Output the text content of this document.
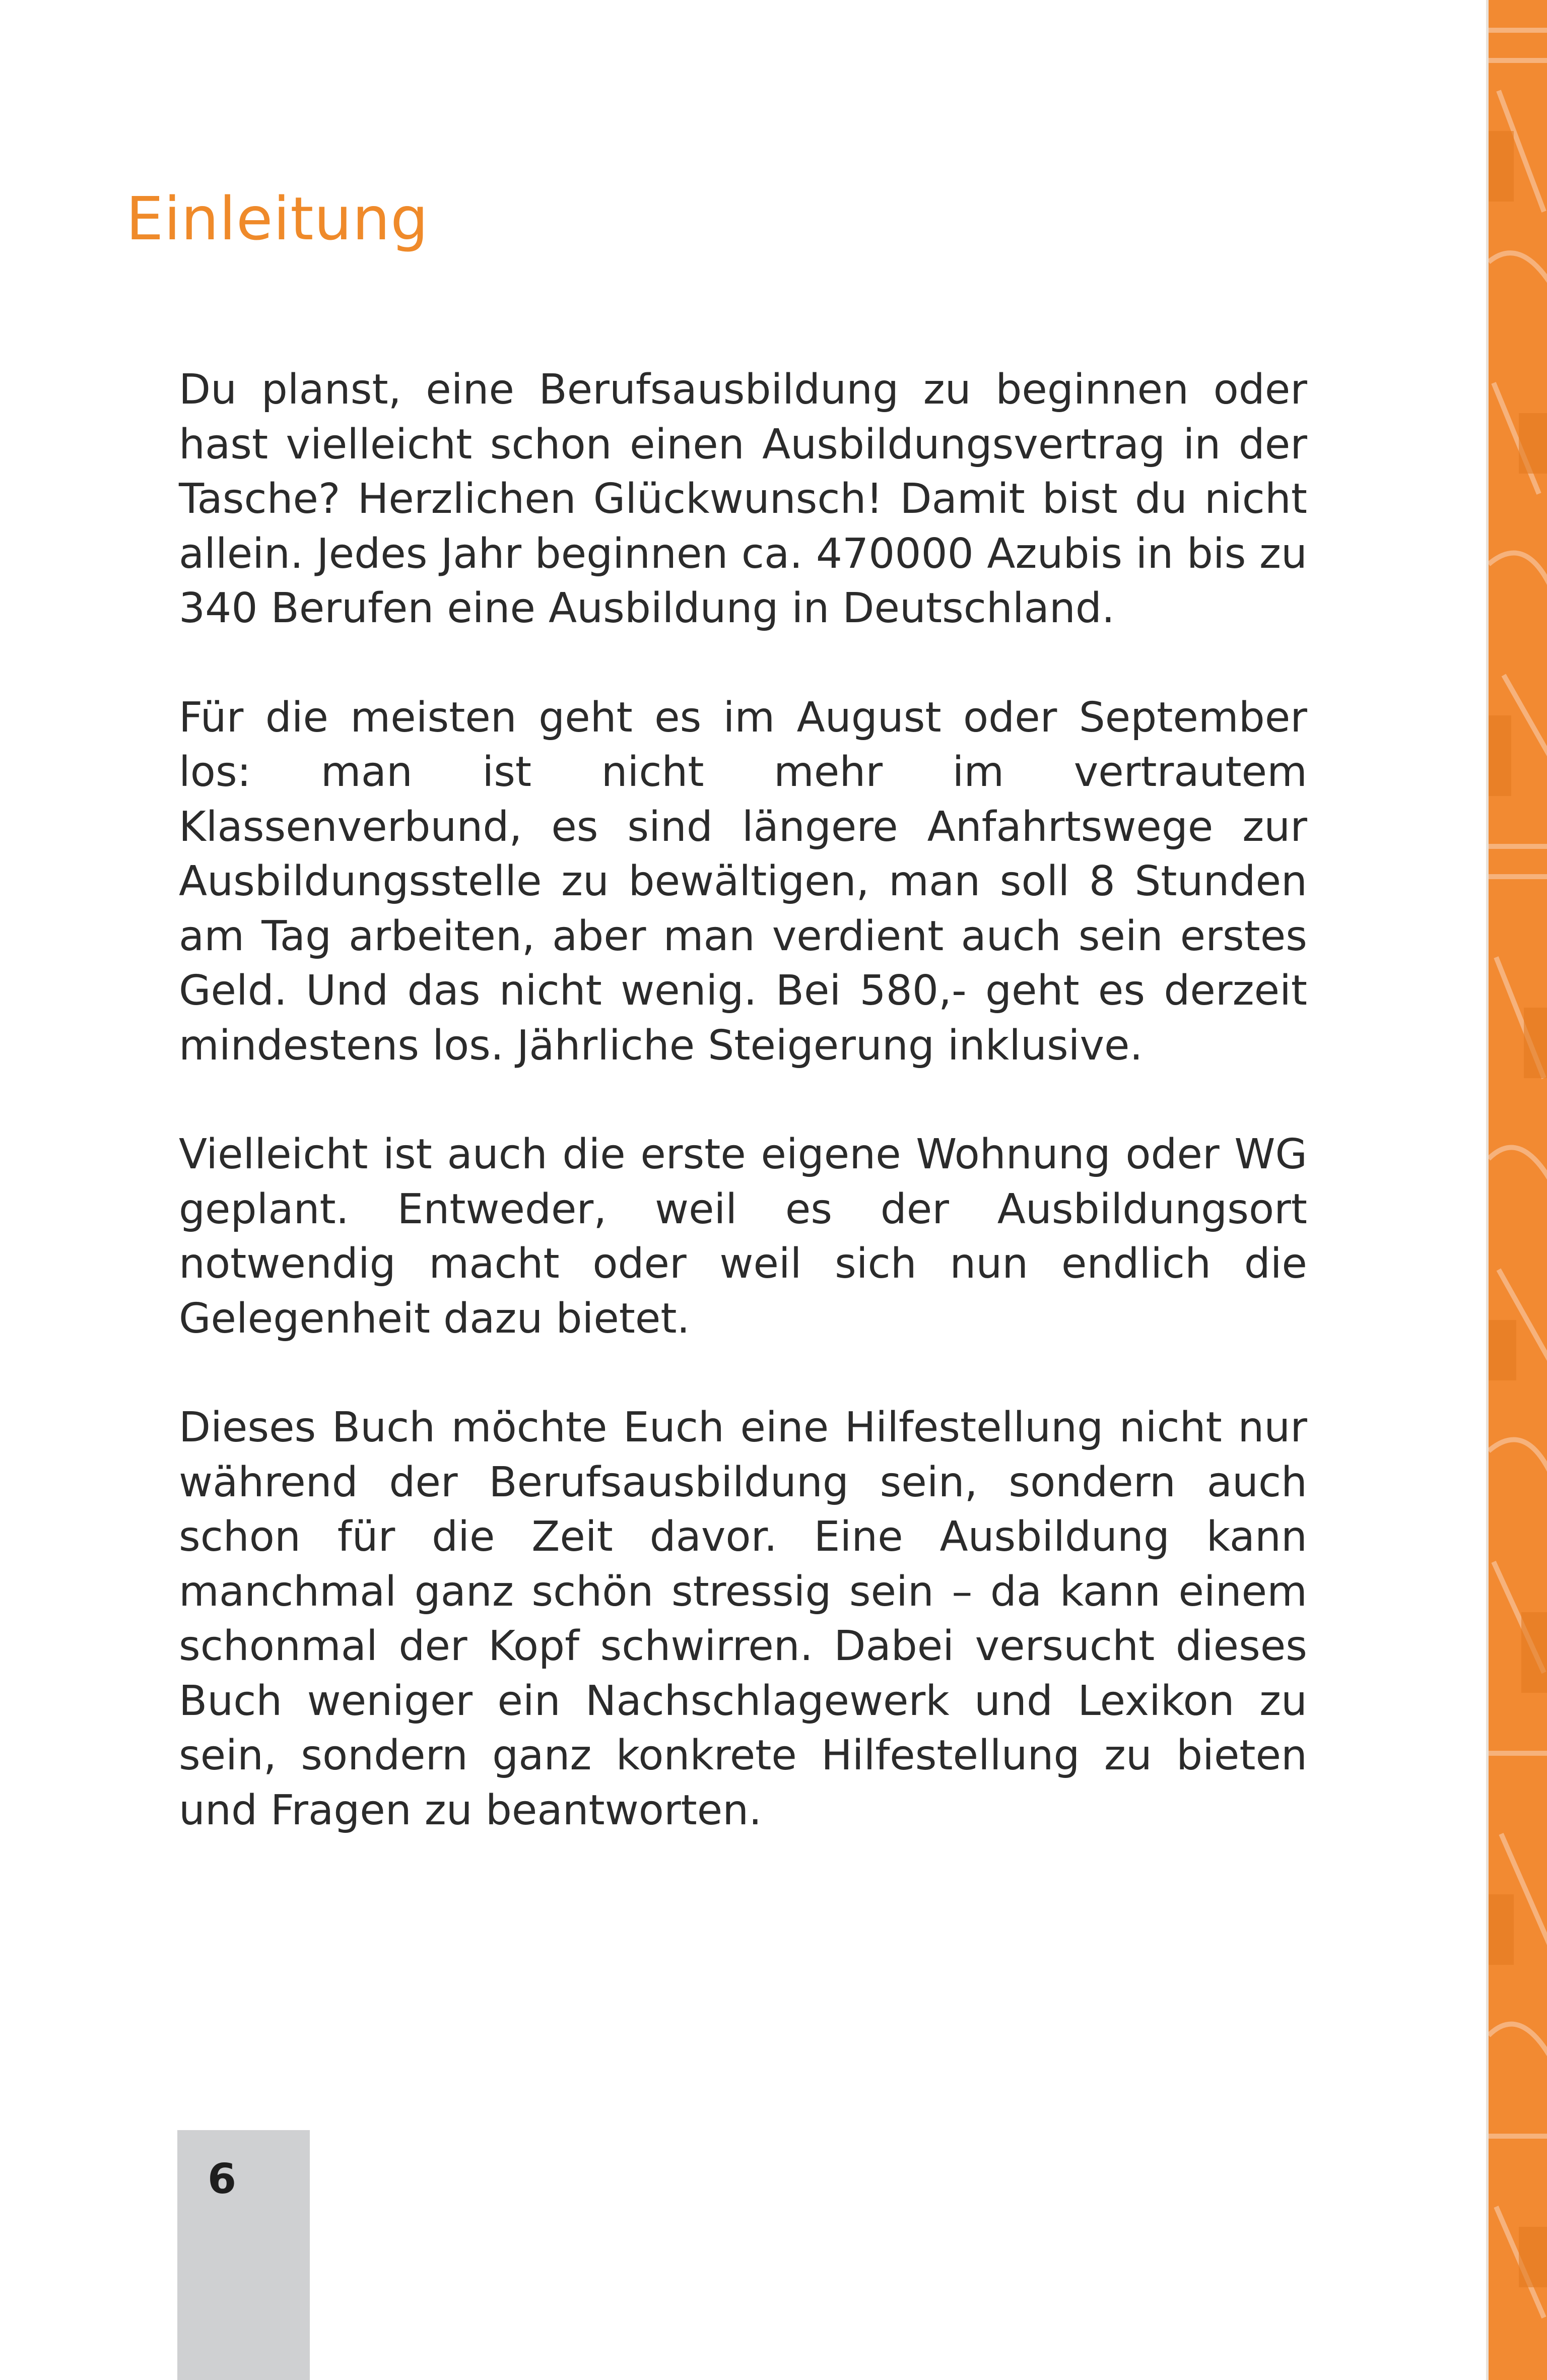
Einleitung

Du planst, eine Berufsausbildung zu beginnen oder hast vielleicht schon einen Ausbildungsvertrag in der Tasche? Herzlichen Glückwunsch! Damit bist du nicht allein. Jedes Jahr beginnen ca. 470000 Azubis in bis zu 340 Berufen eine Ausbildung in Deutschland.

Für die meisten geht es im August oder September los: man ist nicht mehr im vertrautem Klassenverbund, es sind längere Anfahrtswege zur Ausbildungsstelle zu bewältigen, man soll 8 Stunden am Tag arbeiten, aber man verdient auch sein erstes Geld. Und das nicht wenig. Bei 580,- geht es derzeit mindestens los. Jährliche Steigerung inklusive.

Vielleicht ist auch die erste eigene Wohnung oder WG geplant. Entweder, weil es der Ausbildungsort notwendig macht oder weil sich nun endlich die Gelegenheit dazu bietet.

Dieses Buch möchte Euch eine Hilfestellung nicht nur während der Berufsausbildung sein, sondern auch schon für die Zeit davor. Eine Ausbildung kann manchmal ganz schön stressig sein – da kann einem schonmal der Kopf schwirren. Dabei versucht dieses Buch weniger ein Nachschlagewerk und Lexikon zu sein, sondern ganz konkrete Hilfestellung zu bieten und Fragen zu beantworten.

6
